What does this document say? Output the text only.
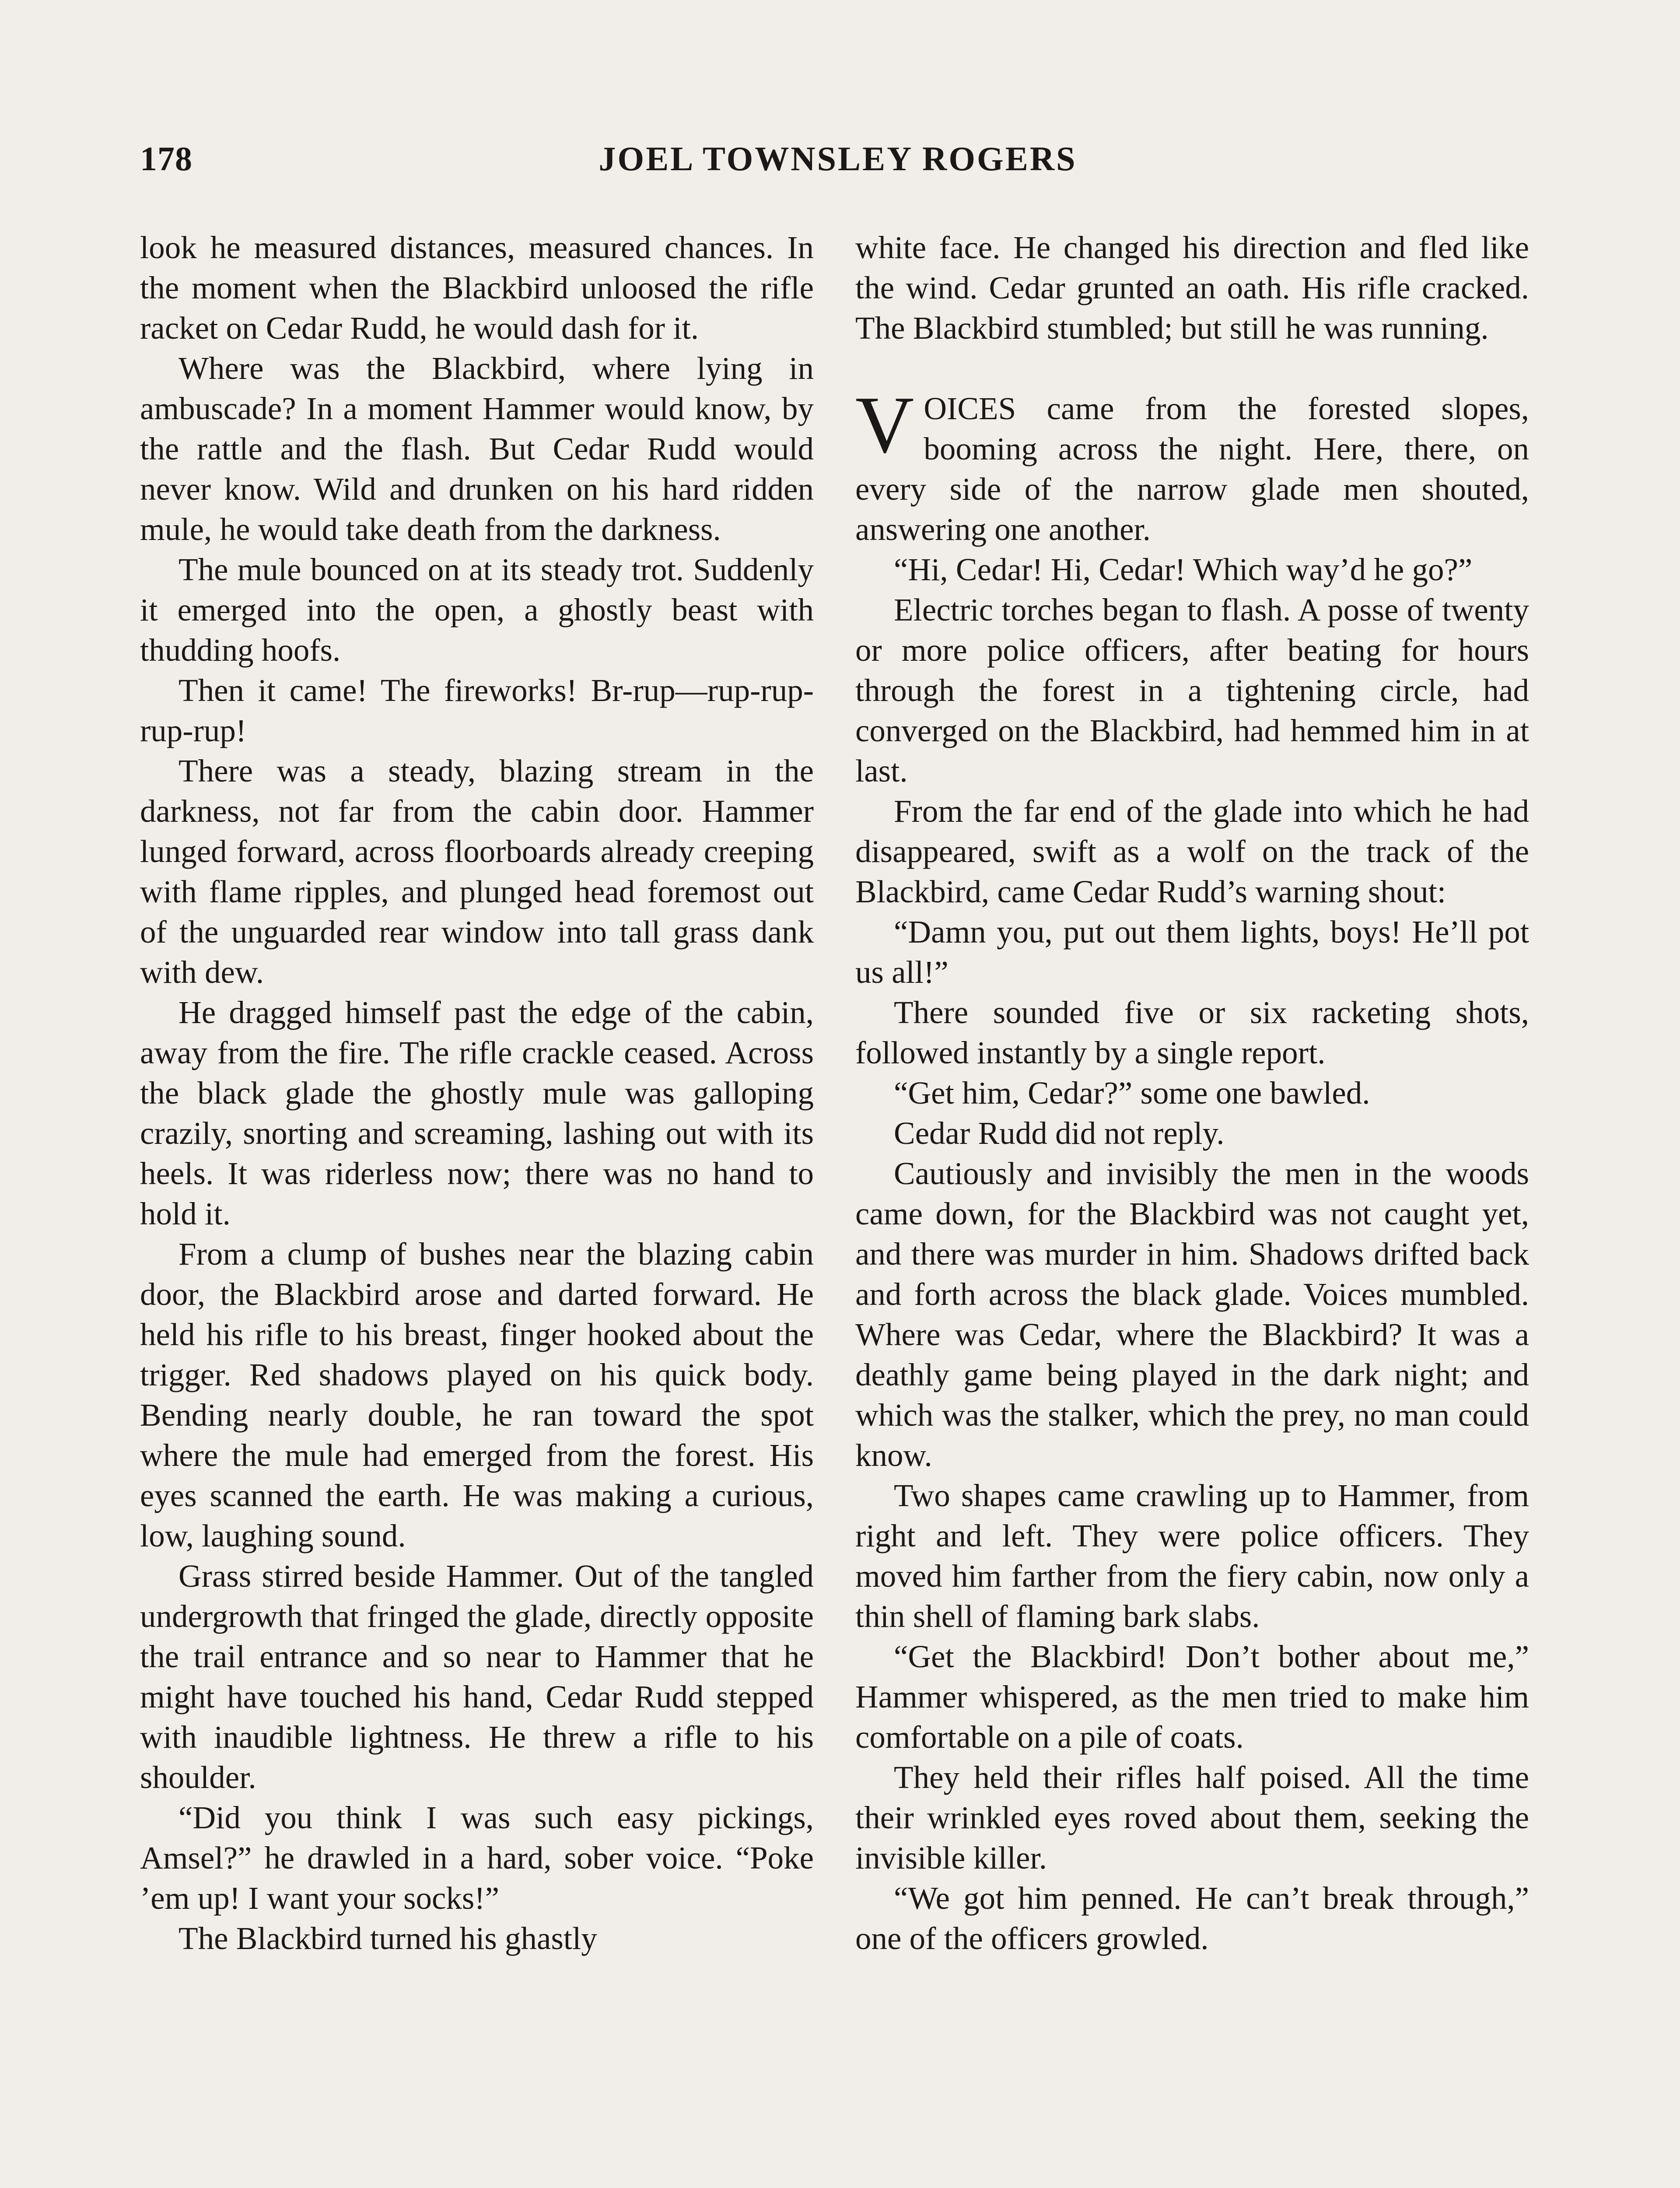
178	JOEL TOWNSLEY ROGERS

look he measured distances, measured chances. In the moment when the Blackbird unloosed the rifle racket on Cedar Rudd, he would dash for it.

Where was the Blackbird, where lying in ambuscade? In a moment Hammer would know, by the rattle and the flash. But Cedar Rudd would never know. Wild and drunken on his hard ridden mule, he would take death from the darkness.

The mule bounced on at its steady trot. Suddenly it emerged into the open, a ghostly beast with thudding hoofs.

Then it came! The fireworks! Br-rup—rup-rup-rup-rup!

There was a steady, blazing stream in the darkness, not far from the cabin door. Hammer lunged forward, across floorboards already creeping with flame ripples, and plunged head foremost out of the unguarded rear window into tall grass dank with dew.

He dragged himself past the edge of the cabin, away from the fire. The rifle crackle ceased. Across the black glade the ghostly mule was galloping crazily, snorting and screaming, lashing out with its heels. It was riderless now; there was no hand to hold it.

From a clump of bushes near the blazing cabin door, the Blackbird arose and darted forward. He held his rifle to his breast, finger hooked about the trigger. Red shadows played on his quick body. Bending nearly double, he ran toward the spot where the mule had emerged from the forest. His eyes scanned the earth. He was making a curious, low, laughing sound.

Grass stirred beside Hammer. Out of the tangled undergrowth that fringed the glade, directly opposite the trail entrance and so near to Hammer that he might have touched his hand, Cedar Rudd stepped with inaudible lightness. He threw a rifle to his shoulder.

“Did you think I was such easy pickings, Amsel?” he drawled in a hard, sober voice. “Poke ’em up! I want your socks!”

The Blackbird turned his ghastly

white face. He changed his direction and fled like the wind. Cedar grunted an oath. His rifle cracked. The Blackbird stumbled; but still he was running.

VOICES came from the forested slopes, booming across the night. Here, there, on every side of the narrow glade men shouted, answering one another.

“Hi, Cedar! Hi, Cedar! Which way’d he go?”

Electric torches began to flash. A posse of twenty or more police officers, after beating for hours through the forest in a tightening circle, had converged on the Blackbird, had hemmed him in at last.

From the far end of the glade into which he had disappeared, swift as a wolf on the track of the Blackbird, came Cedar Rudd’s warning shout:

“Damn you, put out them lights, boys! He’ll pot us all!”

There sounded five or six racketing shots, followed instantly by a single report.

“Get him, Cedar?” some one bawled.

Cedar Rudd did not reply.

Cautiously and invisibly the men in the woods came down, for the Blackbird was not caught yet, and there was murder in him. Shadows drifted back and forth across the black glade. Voices mumbled. Where was Cedar, where the Blackbird? It was a deathly game being played in the dark night; and which was the stalker, which the prey, no man could know.

Two shapes came crawling up to Hammer, from right and left. They were police officers. They moved him farther from the fiery cabin, now only a thin shell of flaming bark slabs.

“Get the Blackbird! Don’t bother about me,” Hammer whispered, as the men tried to make him comfortable on a pile of coats.

They held their rifles half poised. All the time their wrinkled eyes roved about them, seeking the invisible killer.

“We got him penned. He can’t break through,” one of the officers growled.
